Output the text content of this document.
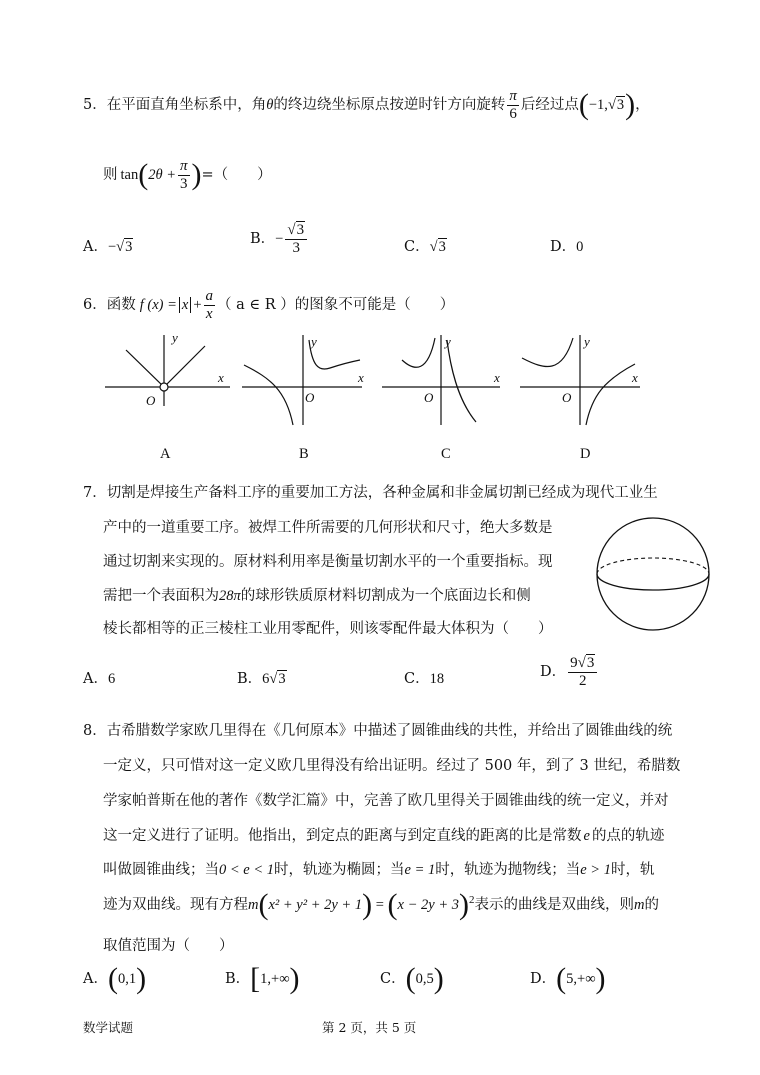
5．在平面直角坐标系中，角θ的终边绕坐标原点按逆时针方向旋转 $\frac{\pi}{6}$ 后经过点(−1,√3)，
则 $\tan(2\theta + \frac{\pi}{3}$ )=（　　）
A．−√3	B．− $\frac{√3}{3}$	C．√3	D．0
6．函数 f $(x) = x + \frac{a}{x}$ （ a ∈ R ）的图象不可能是（　　）
y
x
O
y
x
O
y
x
O
y
x
O
A	B	C	D
7．切割是焊接生产备料工序的重要加工方法，各种金属和非金属切割已经成为现代工业生
产中的一道重要工序。被焊工件所需要的几何形状和尺寸，绝大多数是
通过切割来实现的。原材料利用率是衡量切割水平的一个重要指标。现
需把一个表面积为28π的球形铁质原材料切割成为一个底面边长和侧
棱长都相等的正三棱柱工业用零配件，则该零配件最大体积为（　　）
A．6	B．6√3	C．18	D． $\frac{9√3}{2}$
8．古希腊数学家欧几里得在《几何原本》中描述了圆锥曲线的共性，并给出了圆锥曲线的统
一定义，只可惜对这一定义欧几里得没有给出证明。经过了 500 年，到了 3 世纪，希腊数
学家帕普斯在他的著作《数学汇篇》中，完善了欧几里得关于圆锥曲线的统一定义，并对
这一定义进行了证明。他指出，到定点的距离与到定直线的距离的比是常数 e 的点的轨迹
叫做圆锥曲线；当0 < e < 1时，轨迹为椭圆；当e = 1时，轨迹为抛物线；当e > 1时，轨
迹为双曲线。现有方程$m(x^2 + y^2 + 2y + 1) = (x - 2y + 3)^2$表示的曲线是双曲线，则m的
取值范围为（　　）
A．(0,1)	B．[1,+∞)	C．(0,5)	D．(5,+∞)
数学试题	第 2 页，共 5 页
